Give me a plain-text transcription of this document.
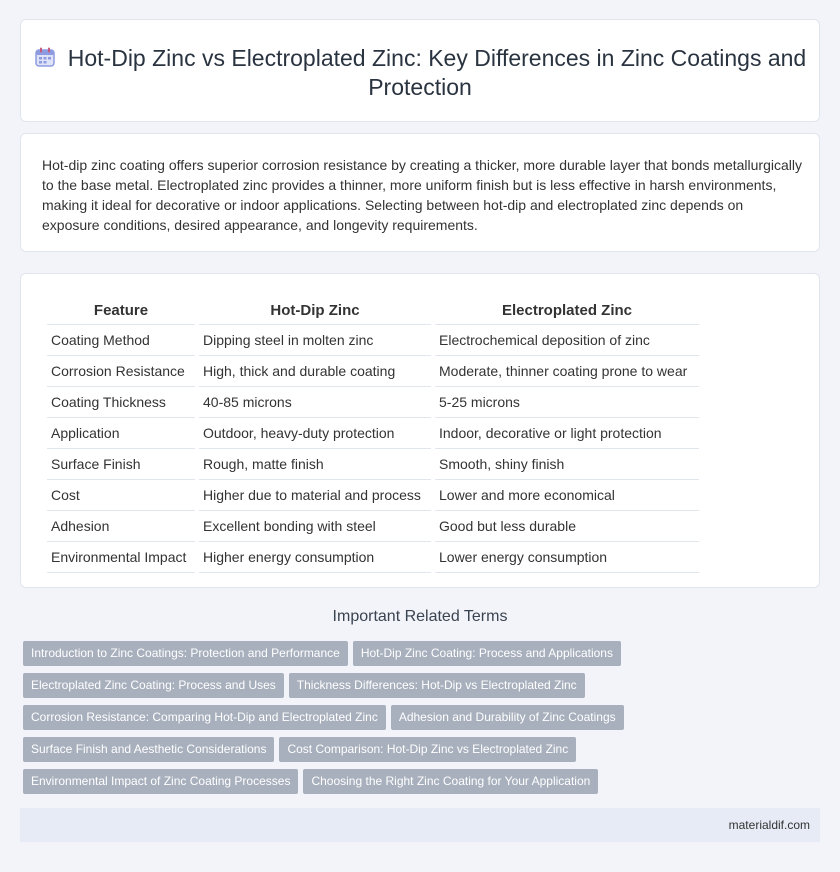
Hot-Dip Zinc vs Electroplated Zinc: Key Differences in Zinc Coatings and Protection

Hot-dip zinc coating offers superior corrosion resistance by creating a thicker, more durable layer that bonds metallurgically to the base metal. Electroplated zinc provides a thinner, more uniform finish but is less effective in harsh environments, making it ideal for decorative or indoor applications. Selecting between hot-dip and electroplated zinc depends on exposure conditions, desired appearance, and longevity requirements.

Feature	Hot-Dip Zinc	Electroplated Zinc
Coating Method	Dipping steel in molten zinc	Electrochemical deposition of zinc
Corrosion Resistance	High, thick and durable coating	Moderate, thinner coating prone to wear
Coating Thickness	40-85 microns	5-25 microns
Application	Outdoor, heavy-duty protection	Indoor, decorative or light protection
Surface Finish	Rough, matte finish	Smooth, shiny finish
Cost	Higher due to material and process	Lower and more economical
Adhesion	Excellent bonding with steel	Good but less durable
Environmental Impact	Higher energy consumption	Lower energy consumption
Important Related Terms
Introduction to Zinc Coatings: Protection and Performance Hot-Dip Zinc Coating: Process and Applications
Electroplated Zinc Coating: Process and Uses Thickness Differences: Hot-Dip vs Electroplated Zinc
Corrosion Resistance: Comparing Hot-Dip and Electroplated Zinc Adhesion and Durability of Zinc Coatings
Surface Finish and Aesthetic Considerations Cost Comparison: Hot-Dip Zinc vs Electroplated Zinc
Environmental Impact of Zinc Coating Processes Choosing the Right Zinc Coating for Your Application
materialdif.com
